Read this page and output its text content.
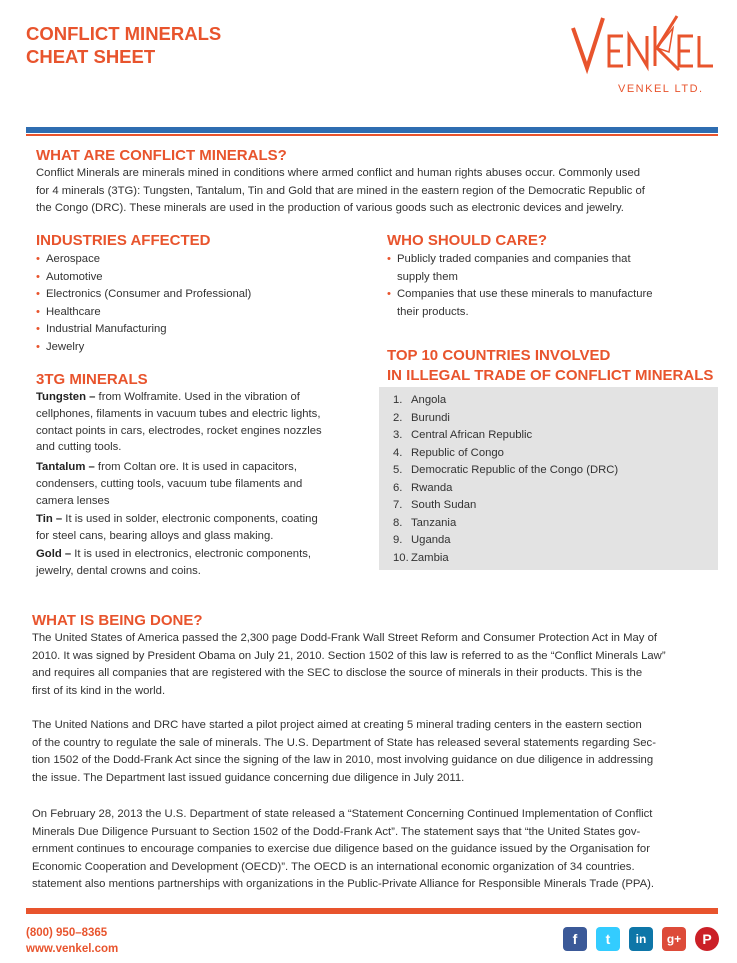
CONFLICT MINERALS
CHEAT SHEET
VENKEL LTD.
WHAT ARE CONFLICT MINERALS?
Conflict Minerals are minerals mined in conditions where armed conflict and human rights abuses occur. Commonly used
for 4 minerals (3TG): Tungsten, Tantalum, Tin and Gold that are mined in the eastern region of the Democratic Republic of
the Congo (DRC). These minerals are used in the production of various goods such as electronic devices and jewelry.
INDUSTRIES AFFECTED
• Aerospace
• Automotive
• Electronics (Consumer and Professional)
• Healthcare
• Industrial Manufacturing
• Jewelry
WHO SHOULD CARE?
• Publicly traded companies and companies that
supply them
• Companies that use these minerals to manufacture
their products.
3TG MINERALS
Tungsten – from Wolframite. Used in the vibration of
cellphones, filaments in vacuum tubes and electric lights,
contact points in cars, electrodes, rocket engines nozzles
and cutting tools.
Tantalum – from Coltan ore. It is used in capacitors,
condensers, cutting tools, vacuum tube filaments and
camera lenses
Tin – It is used in solder, electronic components, coating
for steel cans, bearing alloys and glass making.
Gold – It is used in electronics, electronic components,
jewelry, dental crowns and coins.
TOP 10 COUNTRIES INVOLVED
IN ILLEGAL TRADE OF CONFLICT MINERALS
1. Angola
2. Burundi
3. Central African Republic
4. Republic of Congo
5. Democratic Republic of the Congo (DRC)
6. Rwanda
7. South Sudan
8. Tanzania
9. Uganda
10. Zambia
WHAT IS BEING DONE?
The United States of America passed the 2,300 page Dodd-Frank Wall Street Reform and Consumer Protection Act in May of
2010. It was signed by President Obama on July 21, 2010. Section 1502 of this law is referred to as the “Conflict Minerals Law”
and requires all companies that are registered with the SEC to disclose the source of minerals in their products. This is the
first of its kind in the world.
The United Nations and DRC have started a pilot project aimed at creating 5 mineral trading centers in the eastern section
of the country to regulate the sale of minerals. The U.S. Department of State has released several statements regarding Sec-
tion 1502 of the Dodd-Frank Act since the signing of the law in 2010, most involving guidance on due diligence in addressing
the issue. The Department last issued guidance concerning due diligence in July 2011.
On February 28, 2013 the U.S. Department of state released a “Statement Concerning Continued Implementation of Conflict
Minerals Due Diligence Pursuant to Section 1502 of the Dodd-Frank Act”. The statement says that “the United States gov-
ernment continues to encourage companies to exercise due diligence based on the guidance issued by the Organisation for
Economic Cooperation and Development (OECD)”. The OECD is an international economic organization of 34 countries.
statement also mentions partnerships with organizations in the Public-Private Alliance for Responsible Minerals Trade (PPA).
(800) 950–8365
www.venkel.com
f	t	in	g+	P
